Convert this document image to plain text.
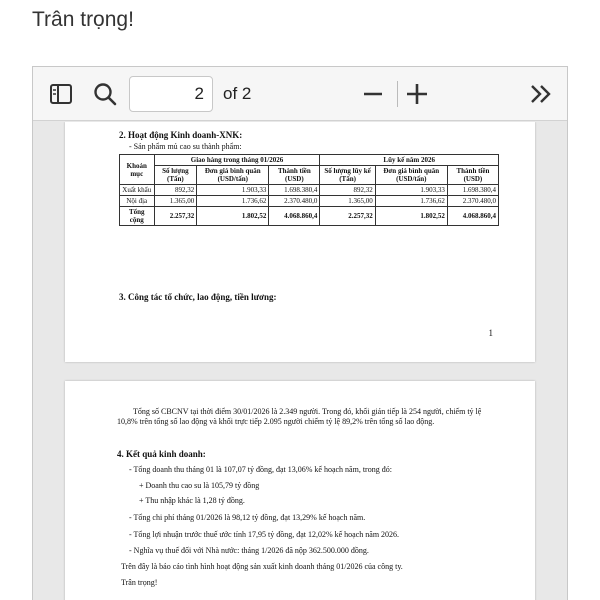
Trân trọng!
2
of 2
2. Hoạt động Kinh doanh-XNK:
- Sản phẩm mủ cao su thành phẩm:
Khoản mục	Giao hàng trong tháng 01/2026			Lũy kế năm 2026		
	Số lượng (Tấn)	Đơn giá bình quân (USD/tấn)	Thành tiền (USD)	Số lượng lũy kế (Tấn)	Đơn giá bình quân (USD/tấn)	Thành tiền (USD)
Xuất khẩu	892,32	1.903,33	1.698.380,4	892,32	1.903,33	1.698.380,4
Nội địa	1.365,00	1.736,62	2.370.480,0	1.365,00	1.736,62	2.370.480,0
Tổng cộng	2.257,32	1.802,52	4.068.860,4	2.257,32	1.802,52	4.068.860,4
3. Công tác tổ chức, lao động, tiền lương:
1
Tổng số CBCNV tại thời điểm 30/01/2026 là 2.349 người. Trong đó, khối gián tiếp là 254 người, chiếm tỷ lệ 10,8% trên tổng số lao động và khối trực tiếp 2.095 người chiếm tỷ lệ 89,2% trên tổng số lao động.
4. Kết quả kinh doanh:
- Tổng doanh thu tháng 01 là 107,07 tỷ đồng, đạt 13,06% kế hoạch năm, trong đó:
+ Doanh thu cao su là 105,79 tỷ đồng
+ Thu nhập khác là 1,28 tỷ đồng.
- Tổng chi phí tháng 01/2026 là 98,12 tỷ đồng, đạt 13,29% kế hoạch năm.
- Tổng lợi nhuận trước thuế ước tính 17,95 tỷ đồng, đạt 12,02% kế hoạch năm 2026.
- Nghĩa vụ thuế đối với Nhà nước: tháng 1/2026 đã nộp 362.500.000 đồng.
Trên đây là báo cáo tình hình hoạt động sản xuất kinh doanh tháng 01/2026 của công ty.
Trân trọng!
